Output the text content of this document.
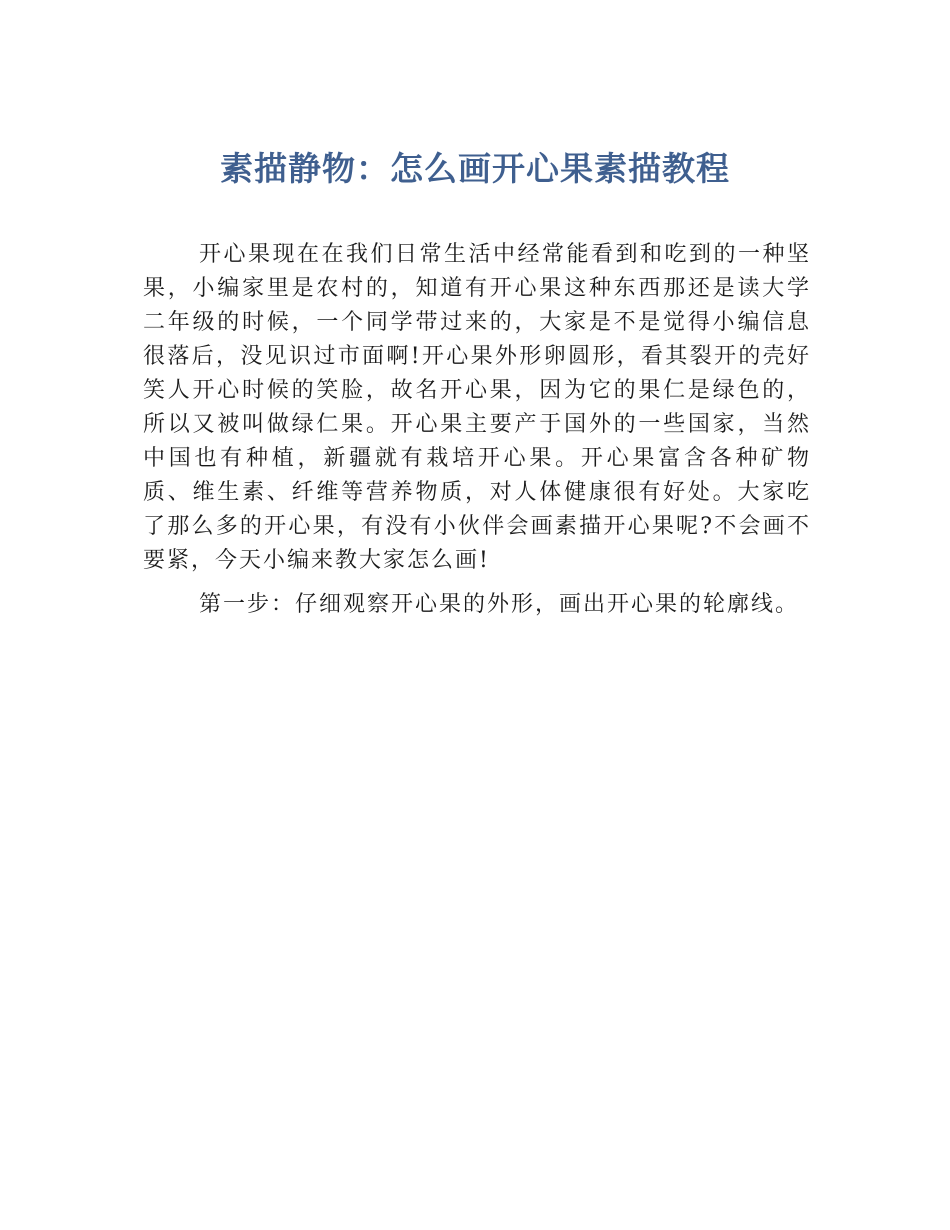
素描静物：怎么画开心果素描教程

开心果现在在我们日常生活中经常能看到和吃到的一种坚果，小编家里是农村的，知道有开心果这种东西那还是读大学二年级的时候，一个同学带过来的，大家是不是觉得小编信息很落后，没见识过市面啊!开心果外形卵圆形，看其裂开的壳好笑人开心时候的笑脸，故名开心果，因为它的果仁是绿色的，所以又被叫做绿仁果。开心果主要产于国外的一些国家，当然中国也有种植，新疆就有栽培开心果。开心果富含各种矿物质、维生素、纤维等营养物质，对人体健康很有好处。大家吃了那么多的开心果，有没有小伙伴会画素描开心果呢?不会画不要紧，今天小编来教大家怎么画!

第一步：仔细观察开心果的外形，画出开心果的轮廓线。
